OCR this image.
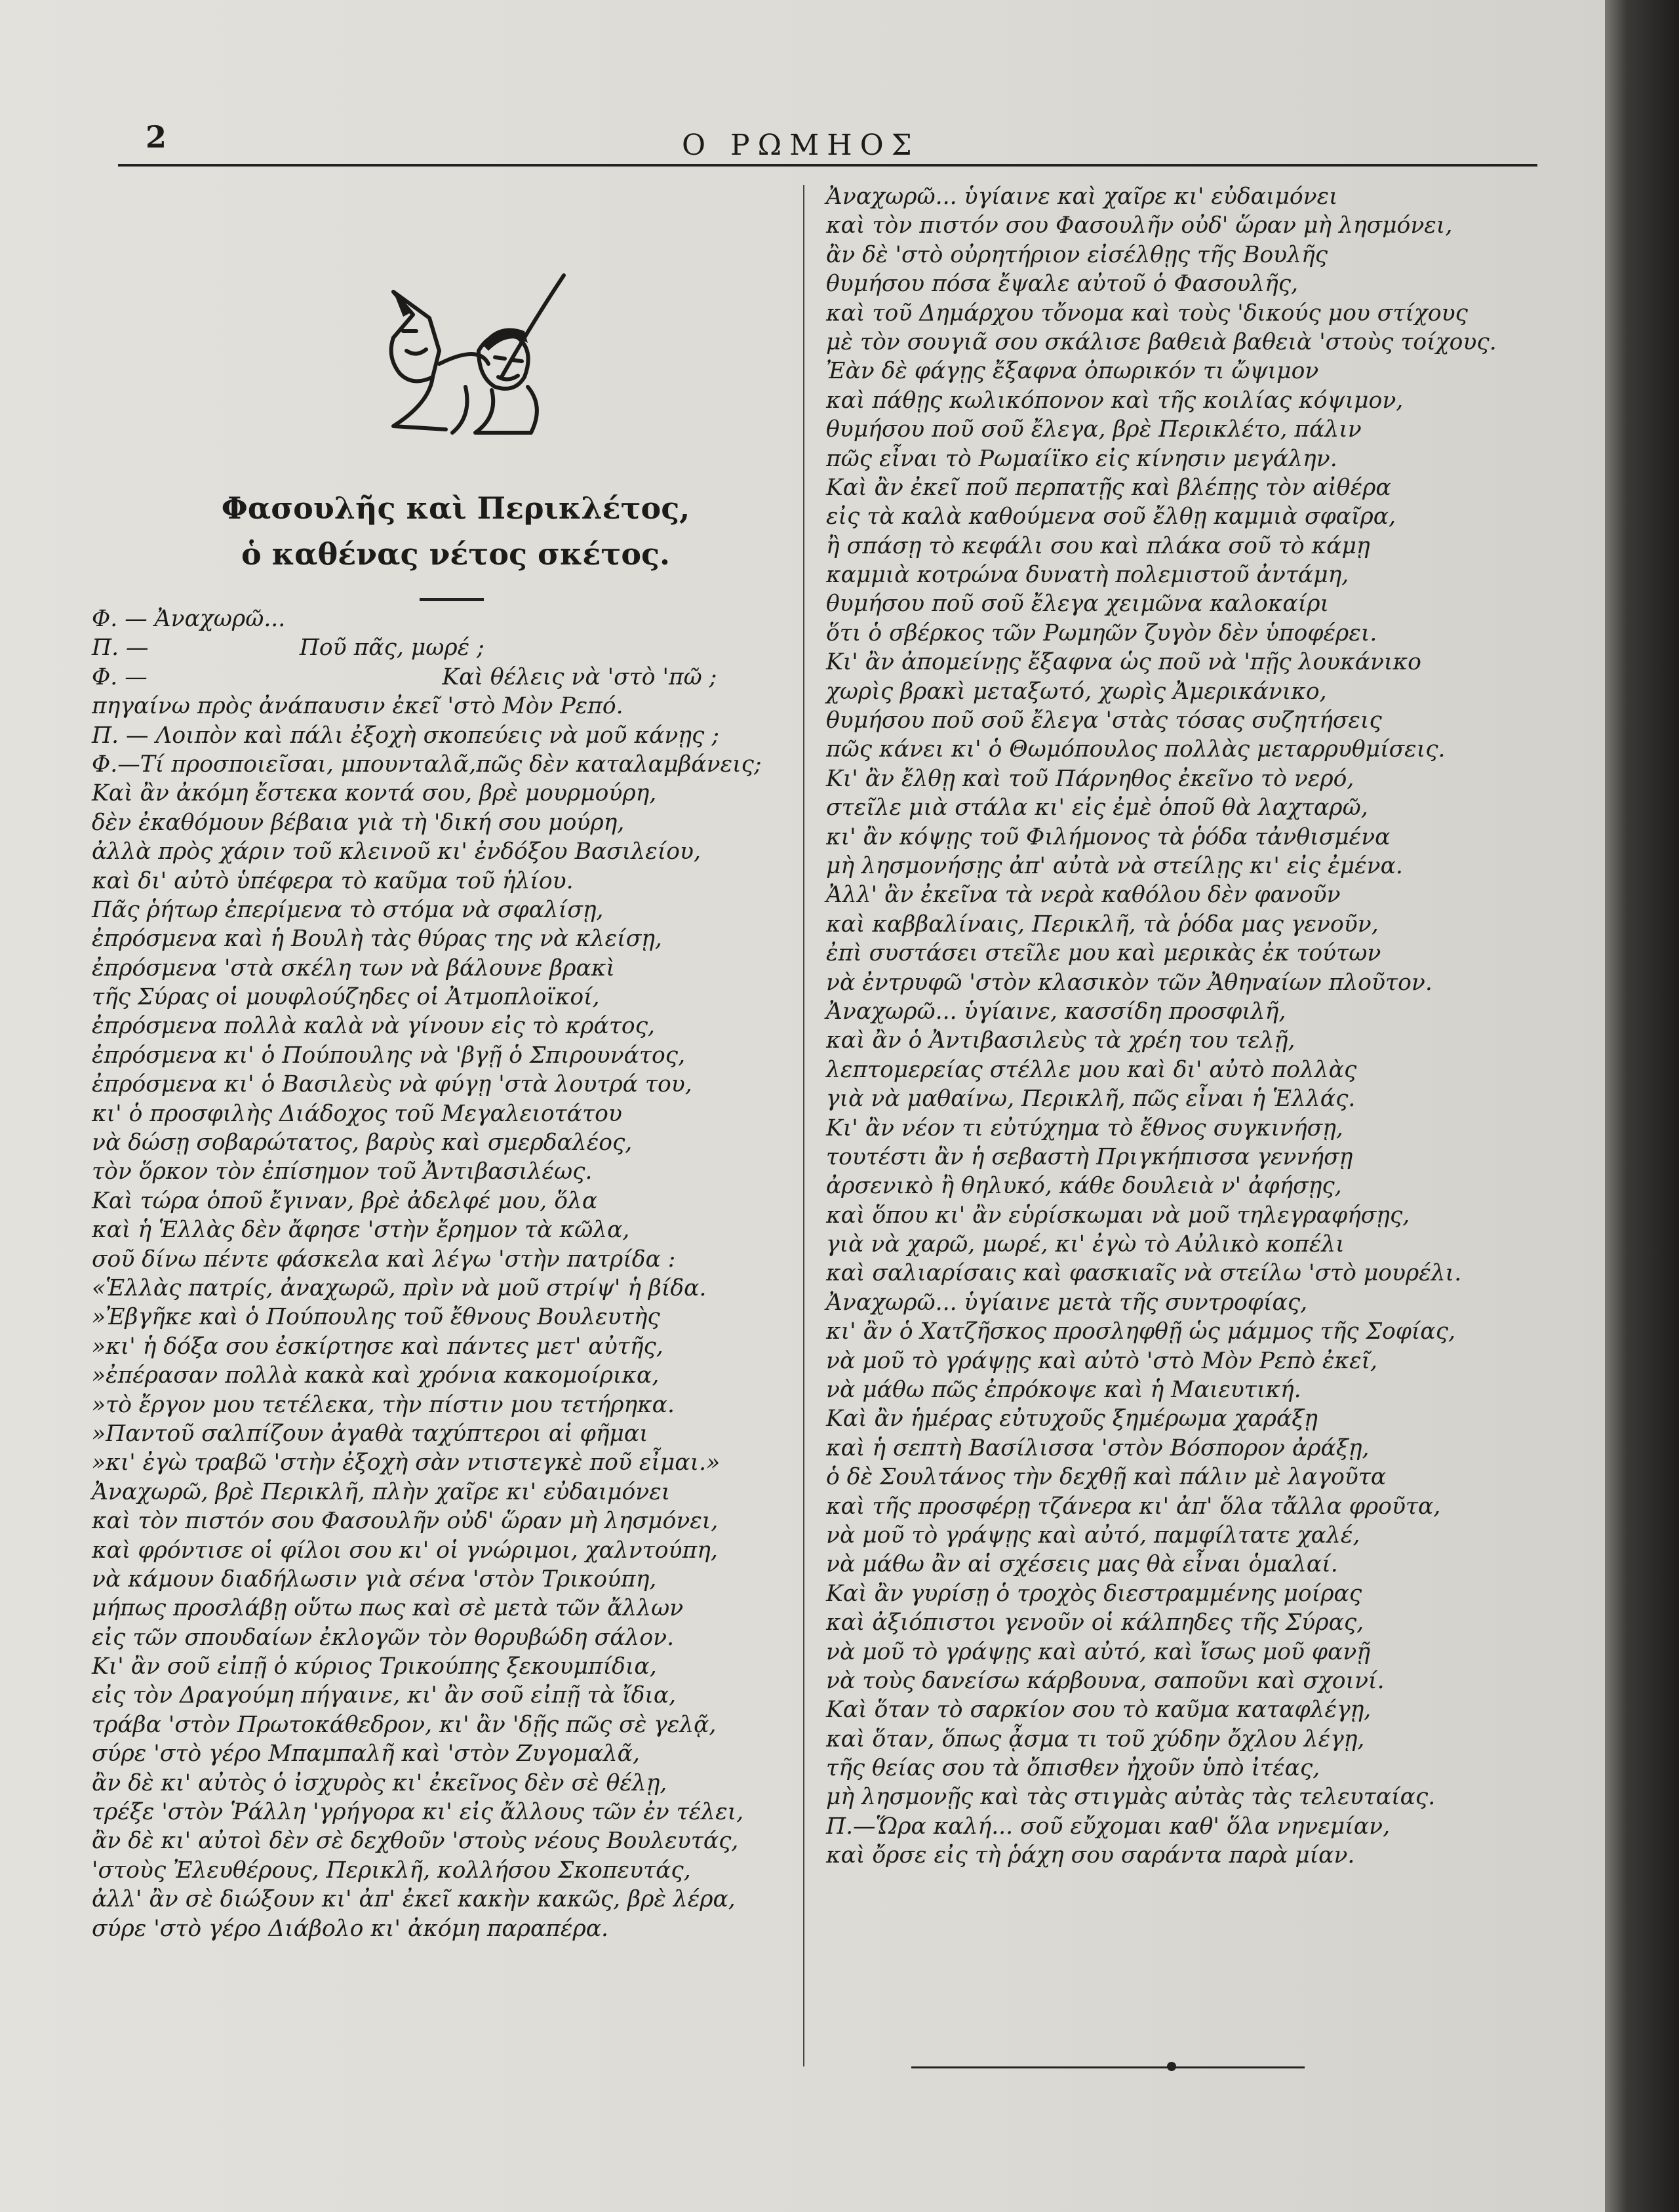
2	Ο ΡΩΜΗΟΣ
Φασουλῆς καὶ Περικλέτος,
ὁ καθένας νέτος σκέτος.
Φ. — Ἀναχωρῶ...
Π. —                     Ποῦ πᾶς, μωρέ ;
Φ. —                                         Καὶ θέλεις νὰ 'στὸ 'πῶ ;
πηγαίνω πρὸς ἀνάπαυσιν ἐκεῖ 'στὸ Μὸν Ρεπό.
Π. — Λοιπὸν καὶ πάλι ἐξοχὴ σκοπεύεις νὰ μοῦ κάνῃς ;
Φ.—Τί προσποιεῖσαι, μπουνταλᾶ,πῶς δὲν καταλαμβάνεις;
Καὶ ἂν ἀκόμη ἔστεκα κοντά σου, βρὲ μουρμούρη,
δὲν ἐκαθόμουν βέβαια γιὰ τὴ 'δική σου μούρη,
ἀλλὰ πρὸς χάριν τοῦ κλεινοῦ κι' ἐνδόξου Βασιλείου,
καὶ δι' αὐτὸ ὑπέφερα τὸ καῦμα τοῦ ἡλίου.
Πᾶς ῥήτωρ ἐπερίμενα τὸ στόμα νὰ σφαλίσῃ,
ἐπρόσμενα καὶ ἡ Βουλὴ τὰς θύρας της νὰ κλείσῃ,
ἐπρόσμενα 'στὰ σκέλη των νὰ βάλουνε βρακὶ
τῆς Σύρας οἱ μουφλούζηδες οἱ Ἀτμοπλοϊκοί,
ἐπρόσμενα πολλὰ καλὰ νὰ γίνουν εἰς τὸ κράτος,
ἐπρόσμενα κι' ὁ Πούπουλης νὰ 'βγῇ ὁ Σπιρουνάτος,
ἐπρόσμενα κι' ὁ Βασιλεὺς νὰ φύγῃ 'στὰ λουτρά του,
κι' ὁ προσφιλὴς Διάδοχος τοῦ Μεγαλειοτάτου
νὰ δώσῃ σοβαρώτατος, βαρὺς καὶ σμερδαλέος,
τὸν ὅρκον τὸν ἐπίσημον τοῦ Ἀντιβασιλέως.
Καὶ τώρα ὁποῦ ἔγιναν, βρὲ ἀδελφέ μου, ὅλα
καὶ ἡ Ἑλλὰς δὲν ἄφησε 'στὴν ἔρημον τὰ κῶλα,
σοῦ δίνω πέντε φάσκελα καὶ λέγω 'στὴν πατρίδα :
«Ἑλλὰς πατρίς, ἀναχωρῶ, πρὶν νὰ μοῦ στρίψ' ἡ βίδα.
»Ἐβγῆκε καὶ ὁ Πούπουλης τοῦ ἔθνους Βουλευτὴς
»κι' ἡ δόξα σου ἐσκίρτησε καὶ πάντες μετ' αὐτῆς,
»ἐπέρασαν πολλὰ κακὰ καὶ χρόνια κακομοίρικα,
»τὸ ἔργον μου τετέλεκα, τὴν πίστιν μου τετήρηκα.
»Παντοῦ σαλπίζουν ἀγαθὰ ταχύπτεροι αἱ φῆμαι
»κι' ἐγὼ τραβῶ 'στὴν ἐξοχὴ σὰν ντιστεγκὲ ποῦ εἶμαι.»
Ἀναχωρῶ, βρὲ Περικλῆ, πλὴν χαῖρε κι' εὐδαιμόνει
καὶ τὸν πιστόν σου Φασουλῆν οὐδ' ὥραν μὴ λησμόνει,
καὶ φρόντισε οἱ φίλοι σου κι' οἱ γνώριμοι, χαλντούπη,
νὰ κάμουν διαδήλωσιν γιὰ σένα 'στὸν Τρικούπη,
μήπως προσλάβῃ οὕτω πως καὶ σὲ μετὰ τῶν ἄλλων
εἰς τῶν σπουδαίων ἐκλογῶν τὸν θορυβώδη σάλον.
Κι' ἂν σοῦ εἰπῇ ὁ κύριος Τρικούπης ξεκουμπίδια,
εἰς τὸν Δραγούμη πήγαινε, κι' ἂν σοῦ εἰπῇ τὰ ἴδια,
τράβα 'στὸν Πρωτοκάθεδρον, κι' ἂν 'δῇς πῶς σὲ γελᾷ,
σύρε 'στὸ γέρο Μπαμπαλῆ καὶ 'στὸν Ζυγομαλᾶ,
ἂν δὲ κι' αὐτὸς ὁ ἰσχυρὸς κι' ἐκεῖνος δὲν σὲ θέλῃ,
τρέξε 'στὸν Ῥάλλη 'γρήγορα κι' εἰς ἄλλους τῶν ἐν τέλει,
ἂν δὲ κι' αὐτοὶ δὲν σὲ δεχθοῦν 'στοὺς νέους Βουλευτάς,
'στοὺς Ἐλευθέρους, Περικλῆ, κολλήσου Σκοπευτάς,
ἀλλ' ἂν σὲ διώξουν κι' ἀπ' ἐκεῖ κακὴν κακῶς, βρὲ λέρα,
σύρε 'στὸ γέρο Διάβολο κι' ἀκόμη παραπέρα.
Ἀναχωρῶ... ὑγίαινε καὶ χαῖρε κι' εὐδαιμόνει
καὶ τὸν πιστόν σου Φασουλῆν οὐδ' ὥραν μὴ λησμόνει,
ἂν δὲ 'στὸ οὐρητήριον εἰσέλθῃς τῆς Βουλῆς
θυμήσου πόσα ἔψαλε αὐτοῦ ὁ Φασουλῆς,
καὶ τοῦ Δημάρχου τὄνομα καὶ τοὺς 'δικούς μου στίχους
μὲ τὸν σουγιᾶ σου σκάλισε βαθειὰ βαθειὰ 'στοὺς τοίχους.
Ἐὰν δὲ φάγῃς ἔξαφνα ὀπωρικόν τι ὤψιμον
καὶ πάθῃς κωλικόπονον καὶ τῆς κοιλίας κόψιμον,
θυμήσου ποῦ σοῦ ἔλεγα, βρὲ Περικλέτο, πάλιν
πῶς εἶναι τὸ Ρωμαίϊκο εἰς κίνησιν μεγάλην.
Καὶ ἂν ἐκεῖ ποῦ περπατῇς καὶ βλέπῃς τὸν αἰθέρα
εἰς τὰ καλὰ καθούμενα σοῦ ἔλθῃ καμμιὰ σφαῖρα,
ἢ σπάσῃ τὸ κεφάλι σου καὶ πλάκα σοῦ τὸ κάμῃ
καμμιὰ κοτρώνα δυνατὴ πολεμιστοῦ ἀντάμη,
θυμήσου ποῦ σοῦ ἔλεγα χειμῶνα καλοκαίρι
ὅτι ὁ σβέρκος τῶν Ρωμηῶν ζυγὸν δὲν ὑποφέρει.
Κι' ἂν ἀπομείνῃς ἔξαφνα ὡς ποῦ νὰ 'πῇς λουκάνικο
χωρὶς βρακὶ μεταξωτό, χωρὶς Ἀμερικάνικο,
θυμήσου ποῦ σοῦ ἔλεγα 'στὰς τόσας συζητήσεις
πῶς κάνει κι' ὁ Θωμόπουλος πολλὰς μεταρρυθμίσεις.
Κι' ἂν ἔλθῃ καὶ τοῦ Πάρνηθος ἐκεῖνο τὸ νερό,
στεῖλε μιὰ στάλα κι' εἰς ἐμὲ ὁποῦ θὰ λαχταρῶ,
κι' ἂν κόψῃς τοῦ Φιλήμονος τὰ ῥόδα τἀνθισμένα
μὴ λησμονήσῃς ἀπ' αὐτὰ νὰ στείλῃς κι' εἰς ἐμένα.
Ἀλλ' ἂν ἐκεῖνα τὰ νερὰ καθόλου δὲν φανοῦν
καὶ καββαλίναις, Περικλῆ, τὰ ῥόδα μας γενοῦν,
ἐπὶ συστάσει στεῖλε μου καὶ μερικὰς ἐκ τούτων
νὰ ἐντρυφῶ 'στὸν κλασικὸν τῶν Ἀθηναίων πλοῦτον.
Ἀναχωρῶ... ὑγίαινε, κασσίδη προσφιλῆ,
καὶ ἂν ὁ Ἀντιβασιλεὺς τὰ χρέη του τελῇ,
λεπτομερείας στέλλε μου καὶ δι' αὐτὸ πολλὰς
γιὰ νὰ μαθαίνω, Περικλῆ, πῶς εἶναι ἡ Ἑλλάς.
Κι' ἂν νέον τι εὐτύχημα τὸ ἔθνος συγκινήσῃ,
τουτέστι ἂν ἡ σεβαστὴ Πριγκήπισσα γεννήσῃ
ἀρσενικὸ ἢ θηλυκό, κάθε δουλειὰ ν' ἀφήσῃς,
καὶ ὅπου κι' ἂν εὑρίσκωμαι νὰ μοῦ τηλεγραφήσῃς,
γιὰ νὰ χαρῶ, μωρέ, κι' ἐγὼ τὸ Αὐλικὸ κοπέλι
καὶ σαλιαρίσαις καὶ φασκιαῖς νὰ στείλω 'στὸ μουρέλι.
Ἀναχωρῶ... ὑγίαινε μετὰ τῆς συντροφίας,
κι' ἂν ὁ Χατζῆσκος προσληφθῇ ὡς μάμμος τῆς Σοφίας,
νὰ μοῦ τὸ γράψῃς καὶ αὐτὸ 'στὸ Μὸν Ρεπὸ ἐκεῖ,
νὰ μάθω πῶς ἐπρόκοψε καὶ ἡ Μαιευτική.
Καὶ ἂν ἡμέρας εὐτυχοῦς ξημέρωμα χαράξῃ
καὶ ἡ σεπτὴ Βασίλισσα 'στὸν Βόσπορον ἀράξῃ,
ὁ δὲ Σουλτάνος τὴν δεχθῇ καὶ πάλιν μὲ λαγοῦτα
καὶ τῆς προσφέρῃ τζάνερα κι' ἀπ' ὅλα τἄλλα φροῦτα,
νὰ μοῦ τὸ γράψῃς καὶ αὐτό, παμφίλτατε χαλέ,
νὰ μάθω ἂν αἱ σχέσεις μας θὰ εἶναι ὁμαλαί.
Καὶ ἂν γυρίσῃ ὁ τροχὸς διεστραμμένης μοίρας
καὶ ἀξιόπιστοι γενοῦν οἱ κάλπηδες τῆς Σύρας,
νὰ μοῦ τὸ γράψῃς καὶ αὐτό, καὶ ἴσως μοῦ φανῇ
νὰ τοὺς δανείσω κάρβουνα, σαποῦνι καὶ σχοινί.
Καὶ ὅταν τὸ σαρκίον σου τὸ καῦμα καταφλέγῃ,
καὶ ὅταν, ὅπως ᾆσμα τι τοῦ χύδην ὄχλου λέγῃ,
τῆς θείας σου τὰ ὄπισθεν ἠχοῦν ὑπὸ ἰτέας,
μὴ λησμονῇς καὶ τὰς στιγμὰς αὐτὰς τὰς τελευταίας.
Π.—Ὥρα καλή... σοῦ εὔχομαι καθ' ὅλα νηνεμίαν,
καὶ ὄρσε εἰς τὴ ῥάχη σου σαράντα παρὰ μίαν.
